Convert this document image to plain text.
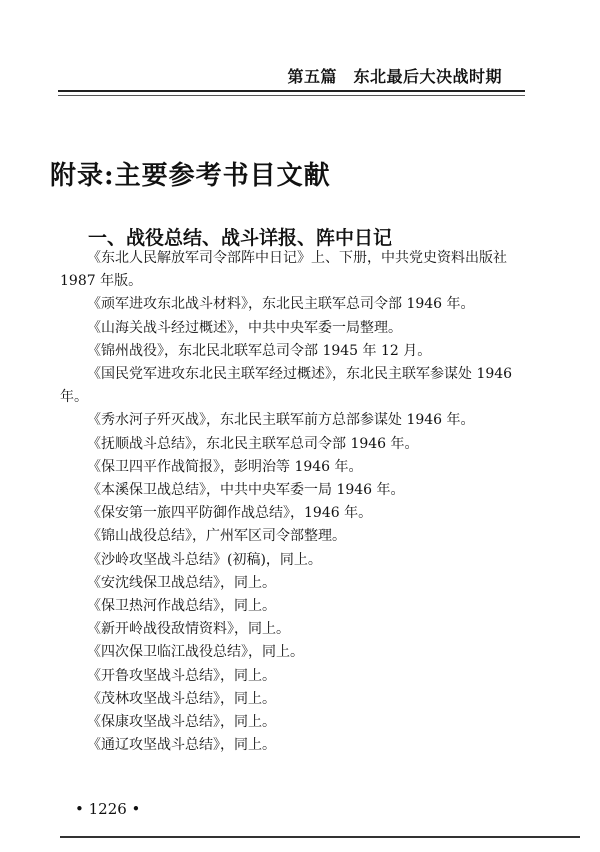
第五篇　东北最后大决战时期
附录:主要参考书目文献
一、战役总结、战斗详报、阵中日记

《东北人民解放军司令部阵中日记》上、下册，中共党史资料出版社 1987 年版。

《顽军进攻东北战斗材料》，东北民主联军总司令部 1946 年。

《山海关战斗经过概述》，中共中央军委一局整理。

《锦州战役》，东北民北联军总司令部 1945 年 12 月。

《国民党军进攻东北民主联军经过概述》，东北民主联军参谋处 1946 年。

《秀水河子歼灭战》，东北民主联军前方总部参谋处 1946 年。

《抚顺战斗总结》，东北民主联军总司令部 1946 年。

《保卫四平作战简报》，彭明治等 1946 年。

《本溪保卫战总结》，中共中央军委一局 1946 年。

《保安第一旅四平防御作战总结》，1946 年。

《锦山战役总结》，广州军区司令部整理。

《沙岭攻坚战斗总结》(初稿)，同上。

《安沈线保卫战总结》，同上。

《保卫热河作战总结》，同上。

《新开岭战役敌情资料》，同上。

《四次保卫临江战役总结》，同上。

《开鲁攻坚战斗总结》，同上。

《茂林攻坚战斗总结》，同上。

《保康攻坚战斗总结》，同上。

《通辽攻坚战斗总结》，同上。

• 1226 •
